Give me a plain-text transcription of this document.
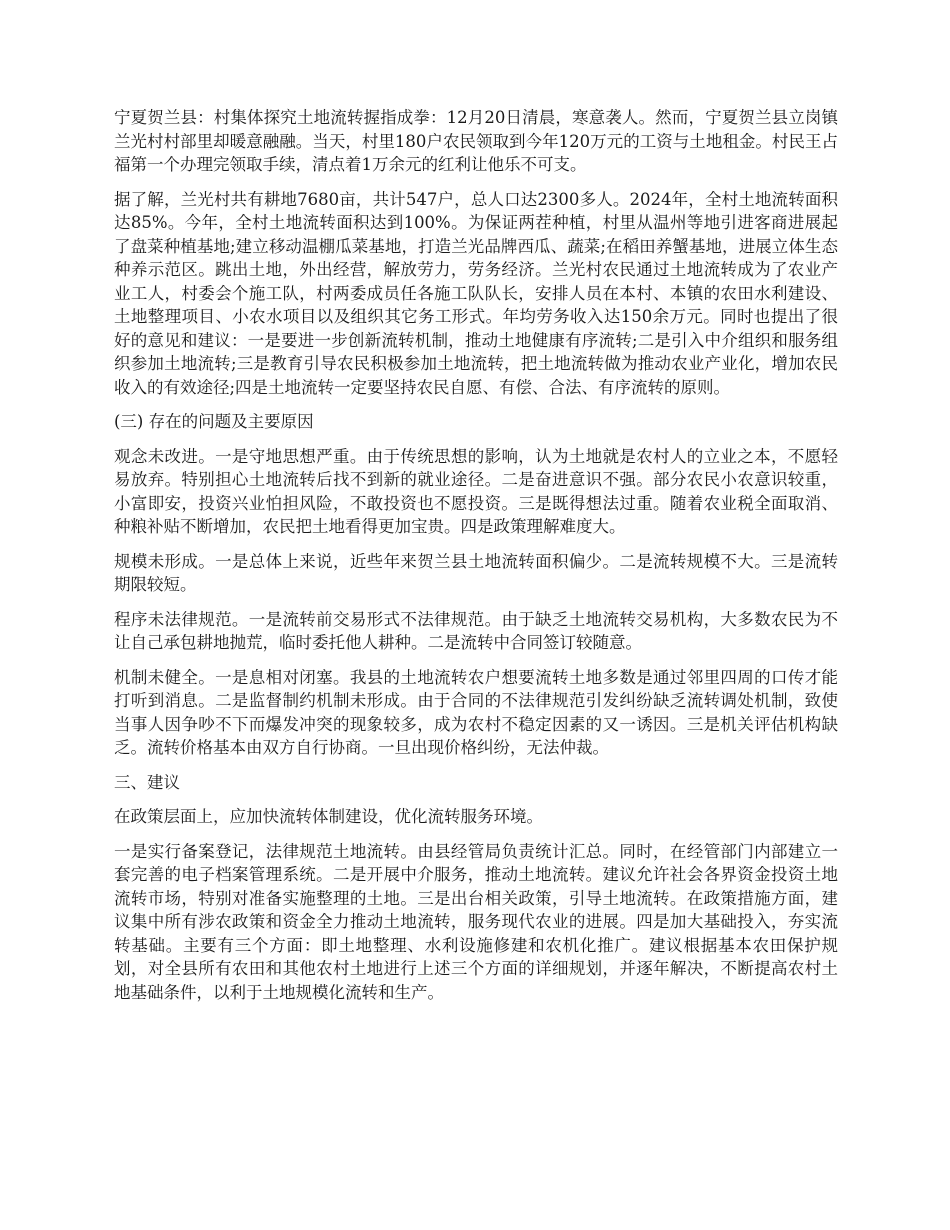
宁夏贺兰县：村集体探究土地流转握指成拳：12月20日清晨，寒意袭人。然而，宁夏贺兰县立岗镇兰光村村部里却暖意融融。当天，村里180户农民领取到今年120万元的工资与土地租金。村民王占福第一个办理完领取手续，清点着1万余元的红利让他乐不可支。

据了解，兰光村共有耕地7680亩，共计547户，总人口达2300多人。2024年，全村土地流转面积达85%。今年，全村土地流转面积达到100%。为保证两茬种植，村里从温州等地引进客商进展起了盘菜种植基地;建立移动温棚瓜菜基地，打造兰光品牌西瓜、蔬菜;在稻田养蟹基地，进展立体生态种养示范区。跳出土地，外出经营，解放劳力，劳务经济。兰光村农民通过土地流转成为了农业产业工人，村委会个施工队，村两委成员任各施工队队长，安排人员在本村、本镇的农田水利建设、土地整理项目、小农水项目以及组织其它务工形式。年均劳务收入达150余万元。同时也提出了很好的意见和建议：一是要进一步创新流转机制，推动土地健康有序流转;二是引入中介组织和服务组织参加土地流转;三是教育引导农民积极参加土地流转，把土地流转做为推动农业产业化，增加农民收入的有效途径;四是土地流转一定要坚持农民自愿、有偿、合法、有序流转的原则。

(三) 存在的问题及主要原因

观念未改进。一是守地思想严重。由于传统思想的影响，认为土地就是农村人的立业之本，不愿轻易放弃。特别担心土地流转后找不到新的就业途径。二是奋进意识不强。部分农民小农意识较重，小富即安，投资兴业怕担风险，不敢投资也不愿投资。三是既得想法过重。随着农业税全面取消、种粮补贴不断增加，农民把土地看得更加宝贵。四是政策理解难度大。

规模未形成。一是总体上来说，近些年来贺兰县土地流转面积偏少。二是流转规模不大。三是流转期限较短。

程序未法律规范。一是流转前交易形式不法律规范。由于缺乏土地流转交易机构，大多数农民为不让自己承包耕地抛荒，临时委托他人耕种。二是流转中合同签订较随意。

机制未健全。一是息相对闭塞。我县的土地流转农户想要流转土地多数是通过邻里四周的口传才能打听到消息。二是监督制约机制未形成。由于合同的不法律规范引发纠纷缺乏流转调处机制，致使当事人因争吵不下而爆发冲突的现象较多，成为农村不稳定因素的又一诱因。三是机关评估机构缺乏。流转价格基本由双方自行协商。一旦出现价格纠纷，无法仲裁。

三、建议

在政策层面上，应加快流转体制建设，优化流转服务环境。

一是实行备案登记，法律规范土地流转。由县经管局负责统计汇总。同时，在经管部门内部建立一套完善的电子档案管理系统。二是开展中介服务，推动土地流转。建议允许社会各界资金投资土地流转市场，特别对准备实施整理的土地。三是出台相关政策，引导土地流转。在政策措施方面，建议集中所有涉农政策和资金全力推动土地流转，服务现代农业的进展。四是加大基础投入，夯实流转基础。主要有三个方面：即土地整理、水利设施修建和农机化推广。建议根据基本农田保护规划，对全县所有农田和其他农村土地进行上述三个方面的详细规划，并逐年解决，不断提高农村土地基础条件，以利于土地规模化流转和生产。
